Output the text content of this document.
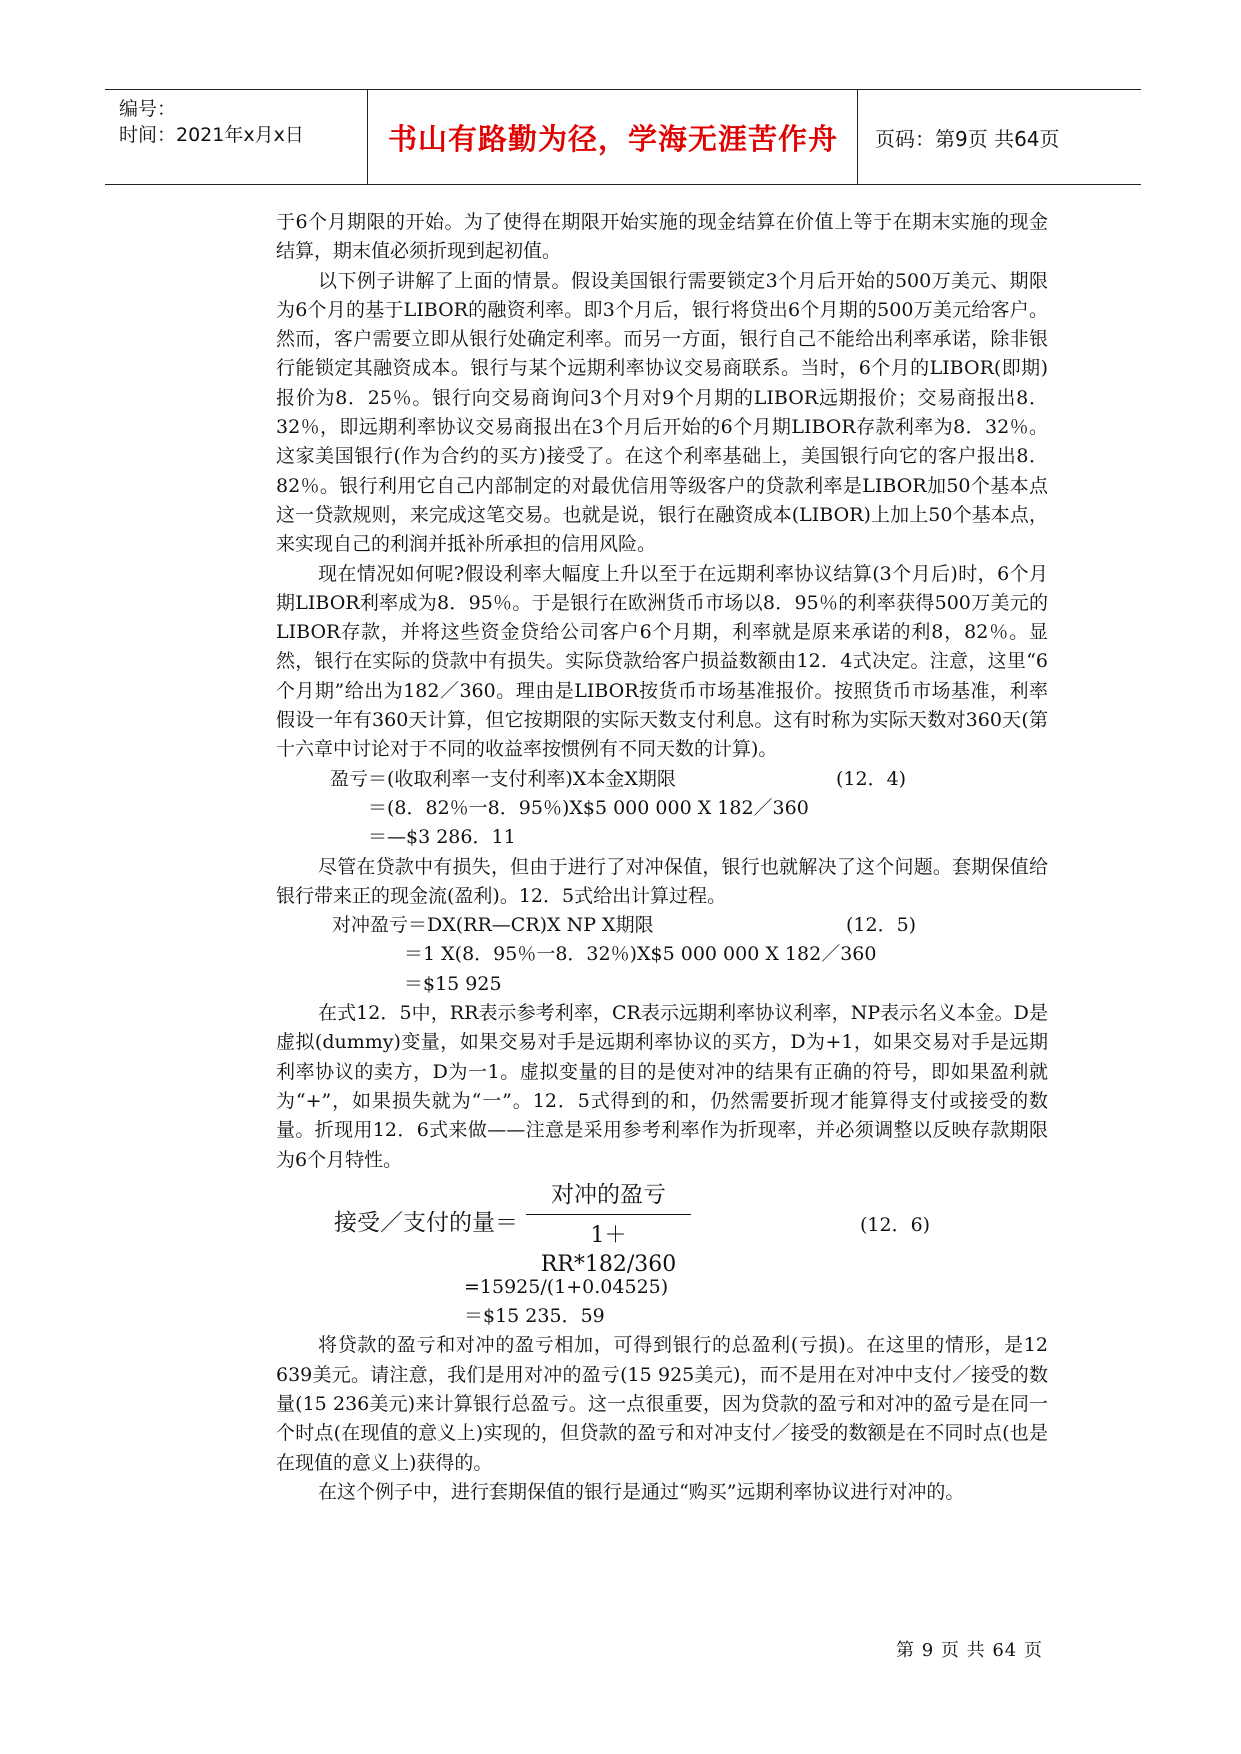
编号：
时间：2021年x月x日	书山有路勤为径，学海无涯苦作舟	页码：第9页 共64页

于6个月期限的开始。为了使得在期限开始实施的现金结算在价值上等于在期末实施的现金结算，期末值必须折现到起初值。

以下例子讲解了上面的情景。假设美国银行需要锁定3个月后开始的500万美元、期限为6个月的基于LIBOR的融资利率。即3个月后，银行将贷出6个月期的500万美元给客户。然而，客户需要立即从银行处确定利率。而另一方面，银行自己不能给出利率承诺，除非银行能锁定其融资成本。银行与某个远期利率协议交易商联系。当时，6个月的LIBOR(即期)报价为8．25％。银行向交易商询问3个月对9个月期的LIBOR远期报价；交易商报出8．32％，即远期利率协议交易商报出在3个月后开始的6个月期LIBOR存款利率为8．32％。这家美国银行(作为合约的买方)接受了。在这个利率基础上，美国银行向它的客户报出8．82％。银行利用它自己内部制定的对最优信用等级客户的贷款利率是LIBOR加50个基本点这一贷款规则，来完成这笔交易。也就是说，银行在融资成本(LIBOR)上加上50个基本点，来实现自己的利润并抵补所承担的信用风险。

现在情况如何呢?假设利率大幅度上升以至于在远期利率协议结算(3个月后)时，6个月期LIBOR利率成为8．95％。于是银行在欧洲货币市场以8．95％的利率获得500万美元的LIBOR存款，并将这些资金贷给公司客户6个月期，利率就是原来承诺的利8，82％。显然，银行在实际的贷款中有损失。实际贷款给客户损益数额由12．4式决定。注意，这里“6个月期”给出为182／360。理由是LIBOR按货币市场基准报价。按照货币市场基准，利率假设一年有360天计算，但它按期限的实际天数支付利息。这有时称为实际天数对360天(第十六章中讨论对于不同的收益率按惯例有不同天数的计算)。

盈亏＝(收取利率一支付利率)X本金X期限	(12．4)
＝(8．82％一8．95％)X$5 000 000 X 182／360
＝—$3 286．11

尽管在贷款中有损失，但由于进行了对冲保值，银行也就解决了这个问题。套期保值给银行带来正的现金流(盈利)。12．5式给出计算过程。

对冲盈亏＝DX(RR—CR)X NP X期限	(12．5)
＝1 X(8．95％一8．32％)X$5 000 000 X 182／360
＝$15 925

在式12．5中，RR表示参考利率，CR表示远期利率协议利率，NP表示名义本金。D是虚拟(dummy)变量，如果交易对手是远期利率协议的买方，D为+1，如果交易对手是远期利率协议的卖方，D为一1。虚拟变量的目的是使对冲的结果有正确的符号，即如果盈利就为“+”，如果损失就为“一”。12．5式得到的和，仍然需要折现才能算得支付或接受的数量。折现用12．6式来做——注意是采用参考利率作为折现率，并必须调整以反映存款期限为6个月特性。

接受／支付的量＝
对冲的盈亏
1＋RR*182/360
(12．6)
=15925/(1+0.04525)
＝$15 235．59

将贷款的盈亏和对冲的盈亏相加，可得到银行的总盈利(亏损)。在这里的情形，是12 639美元。请注意，我们是用对冲的盈亏(15 925美元)，而不是用在对冲中支付／接受的数量(15 236美元)来计算银行总盈亏。这一点很重要，因为贷款的盈亏和对冲的盈亏是在同一个时点(在现值的意义上)实现的，但贷款的盈亏和对冲支付／接受的数额是在不同时点(也是在现值的意义上)获得的。

在这个例子中，进行套期保值的银行是通过“购买”远期利率协议进行对冲的。

第 9 页 共 64 页
